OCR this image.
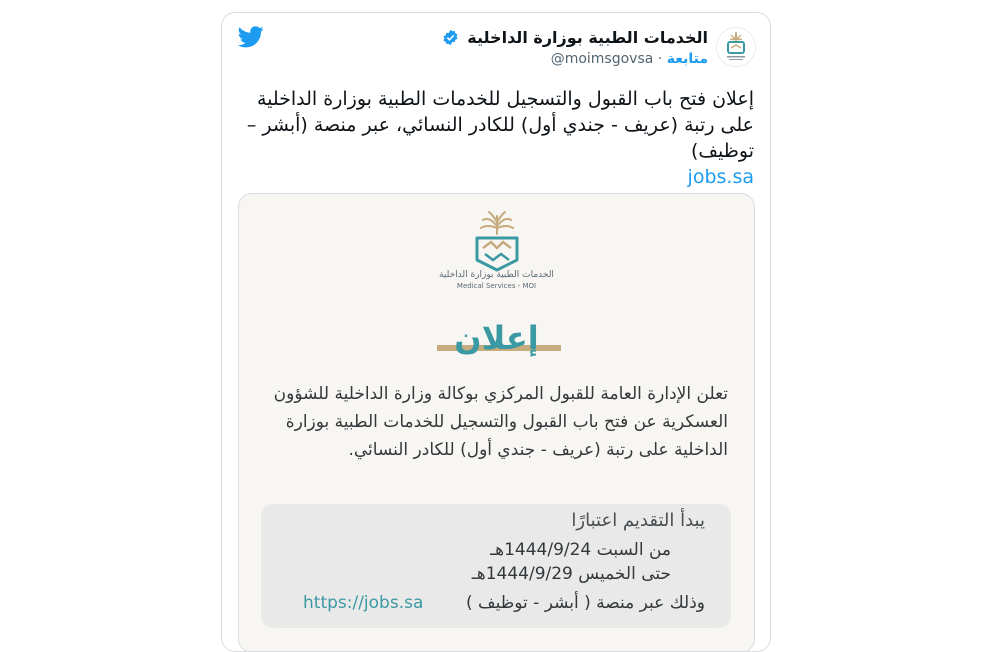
الخدمات الطبية بوزارة الداخلية
متابعة · @moimsgovsa
إعلان فتح باب القبول والتسجيل للخدمات الطبية بوزارة الداخلية على رتبة (عريف - جندي أول) للكادر النسائي، عبر منصة (أبشر – توظيف)
jobs.sa
الخدمات الطبية بوزارة الداخلية
Medical Services - MOI
إعلان
تعلن الإدارة العامة للقبول المركزي بوكالة وزارة الداخلية للشؤون العسكرية عن فتح باب القبول والتسجيل للخدمات الطبية بوزارة الداخلية على رتبة (عريف - جندي أول) للكادر النسائي.
يبدأ التقديم اعتبارًا
من السبت 1444/9/24هـ
حتى الخميس 1444/9/29هـ
وذلك عبر منصة ( أبشر - توظيف )
https://jobs.sa
